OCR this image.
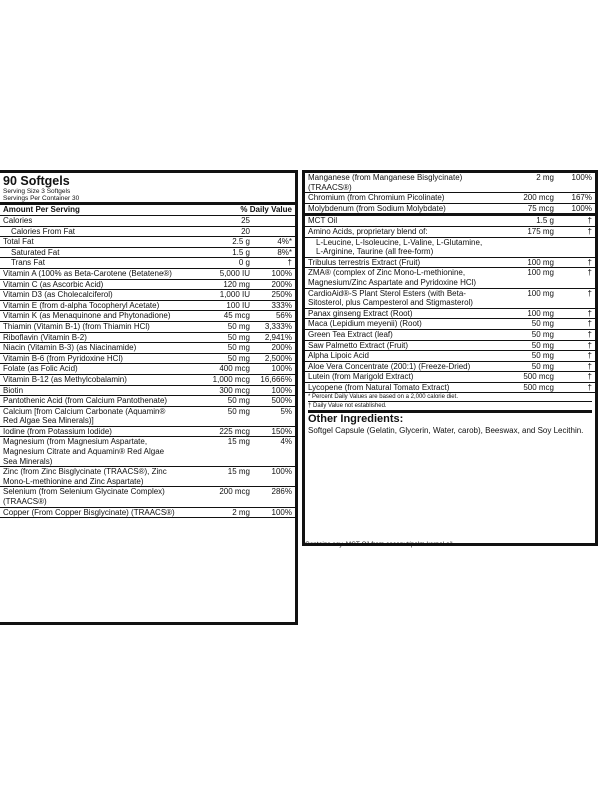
90 Softgels
Serving Size 3 Softgels
Servings Per Container 30
Amount Per Serving	% Daily Value
Calories	25
Calories From Fat	20
Total Fat	2.5 g	4%*
Saturated Fat	1.5 g	8%*
Trans Fat	0 g	†
Vitamin A (100% as Beta-Carotene (Betatene®)	5,000 IU	100%
Vitamin C (as Ascorbic Acid)	120 mg	200%
Vitamin D3 (as Cholecalciferol)	1,000 IU	250%
Vitamin E (from d-alpha Tocopheryl Acetate)	100 IU	333%
Vitamin K (as Menaquinone and Phytonadione)	45 mcg	56%
Thiamin (Vitamin B-1) (from Thiamin HCl)	50 mg	3,333%
Riboflavin (Vitamin B-2)	50 mg	2,941%
Niacin (Vitamin B-3) (as Niacinamide)	50 mg	200%
Vitamin B-6 (from Pyridoxine HCl)	50 mg	2,500%
Folate (as Folic Acid)	400 mcg	100%
Vitamin B-12 (as Methylcobalamin)	1,000 mcg	16,666%
Biotin	300 mcg	100%
Pantothenic Acid (from Calcium Pantothenate)	50 mg	500%
Calcium [from Calcium Carbonate (Aquamin® Red Algae Sea Minerals)]
50 mg	5%
Iodine (from Potassium Iodide)	225 mcg	150%
Magnesium (from Magnesium Aspartate, Magnesium Citrate and Aquamin® Red Algae Sea Minerals)
15 mg	4%
Zinc (from Zinc Bisglycinate (TRAACS®), Zinc Mono-L-methionine and Zinc Aspartate)
15 mg	100%
Selenium (from Selenium Glycinate Complex) (TRAACS®)
200 mcg	286%
Copper (From Copper Bisglycinate) (TRAACS®)	2 mg	100%
Manganese (from Manganese Bisglycinate) (TRAACS®)
2 mg	100%
Chromium (from Chromium Picolinate)	200 mcg	167%
Molybdenum (from Sodium Molybdate)	75 mcg	100%
MCT Oil	1.5 g	†
Amino Acids, proprietary blend of:	175 mg	†
L-Leucine, L-Isoleucine, L-Valine, L-Glutamine, L-Arginine, Taurine (all free-form)
Tribulus terrestris Extract (Fruit)	100 mg	†
ZMA® (complex of Zinc Mono-L-methionine, Magnesium/Zinc Aspartate and Pyridoxine HCl)
100 mg	†
CardioAid®-S Plant Sterol Esters (with Beta-Sitosterol, plus Campesterol and Stigmasterol)
100 mg	†
Panax ginseng Extract (Root)	100 mg	†
Maca (Lepidium meyenii) (Root)	50 mg	†
Green Tea Extract (leaf)	50 mg	†
Saw Palmetto Extract (Fruit)	50 mg	†
Alpha Lipoic Acid	50 mg	†
Aloe Vera Concentrate (200:1) (Freeze-Dried)	50 mg	†
Lutein (from Marigold Extract)	500 mcg	†
Lycopene (from Natural Tomato Extract)	500 mcg	†
* Percent Daily Values are based on a 2,000 calorie diet.
† Daily Value not established.
Other Ingredients:
Softgel Capsule (Gelatin, Glycerin, Water, carob), Beeswax, and Soy Lecithin.
Contains soy. MCT Oil from coconut/palm kernel oil.
